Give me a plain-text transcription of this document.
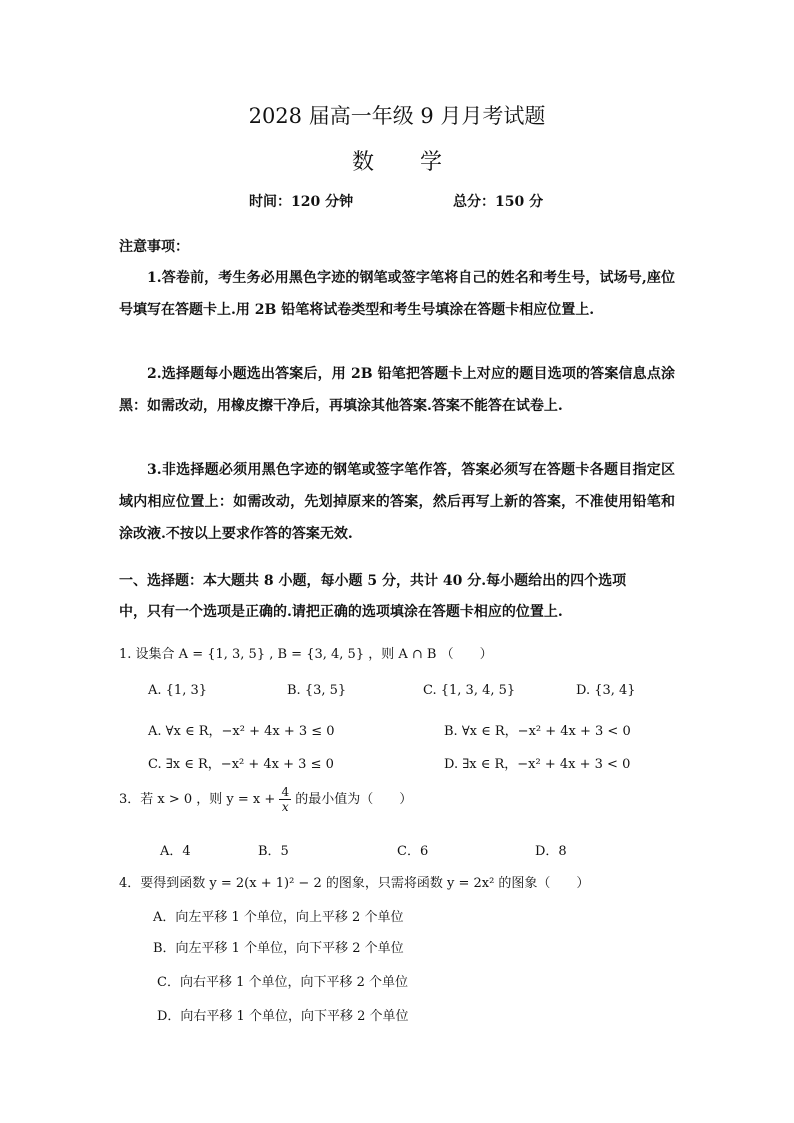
2028 届高一年级 9 月月考试题
数 学
时间：120 分钟	总分：150 分
注意事项：
1.答卷前，考生务必用黑色字迹的钢笔或签字笔将自己的姓名和考生号，试场号,座位号填写在答题卡上.用 2B 铅笔将试卷类型和考生号填涂在答题卡相应位置上.
2.选择题每小题选出答案后，用 2B 铅笔把答题卡上对应的题目选项的答案信息点涂黑：如需改动，用橡皮擦干净后，再填涂其他答案.答案不能答在试卷上.
3.非选择题必须用黑色字迹的钢笔或签字笔作答，答案必须写在答题卡各题目指定区域内相应位置上：如需改动，先划掉原来的答案，然后再写上新的答案，不准使用铅笔和涂改液.不按以上要求作答的答案无效.
一、选择题：本大题共 8 小题，每小题 5 分，共计 40 分.每小题给出的四个选项
中，只有一个选项是正确的.请把正确的选项填涂在答题卡相应的位置上.
1. 设集合 A = {1, 3, 5} , B = {3, 4, 5} ，则 A ∩ B （　　）
A. {1, 3}	B. {3, 5}	C. {1, 3, 4, 5}	D. {3, 4}
A. ∀x ∈ R，−x² + 4x + 3 ≤ 0	B. ∀x ∈ R，−x² + 4x + 3 < 0
C. ∃x ∈ R，−x² + 4x + 3 ≤ 0	D. ∃x ∈ R，−x² + 4x + 3 < 0
3．若 x > 0 ，则 $y = x + \frac{4}{x}$ 的最小值为（　　）
A．4	B．5	C．6	D．8
4．要得到函数 y = 2(x + 1)² − 2 的图象，只需将函数 y = 2x² 的图象（　　）
A．向左平移 1 个单位，向上平移 2 个单位
B．向左平移 1 个单位，向下平移 2 个单位
C．向右平移 1 个单位，向下平移 2 个单位
D．向右平移 1 个单位，向下平移 2 个单位
